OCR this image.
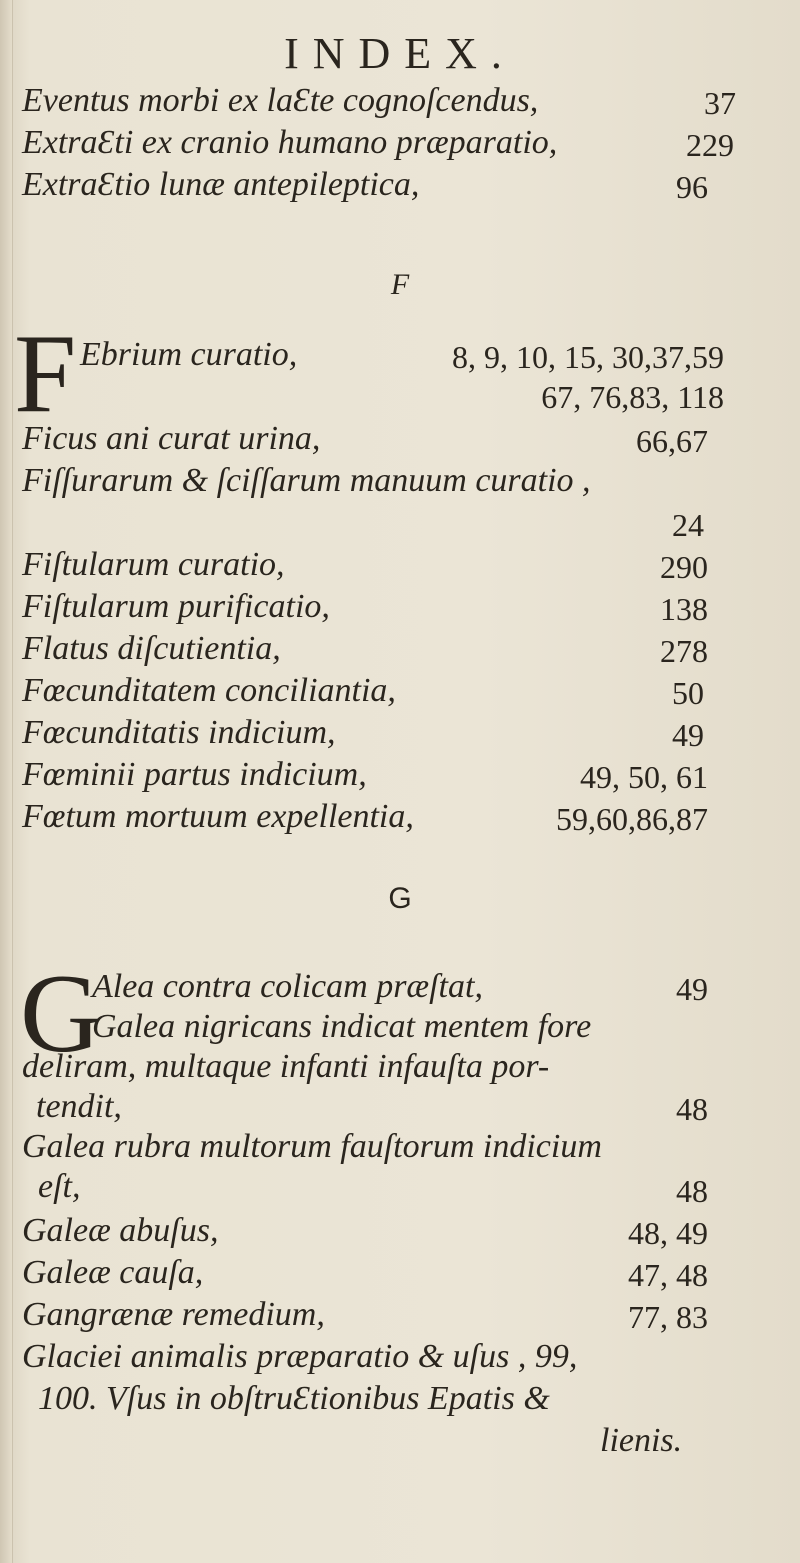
INDEX.
Eventus morbi ex laƐte cognoſcendus,	37
ExtraƐti ex cranio humano præparatio,	229
ExtraƐtio lunæ antepileptica,	96
F
F Ebrium curatio,	8, 9, 10, 15, 30,37,59
67, 76,83, 118
Ficus ani curat urina,	66,67
Fiſſurarum & ſciſſarum manuum curatio ,
24
Fiſtularum curatio,	290
Fiſtularum purificatio,	138
Flatus diſcutientia,	278
Fœcunditatem conciliantia,	50
Fœcunditatis indicium,	49
Fœminii partus indicium,	49, 50, 61
Fœtum mortuum expellentia,	59,60,86,87
G
G
Alea contra colicam præſtat,	49
Galea nigricans indicat mentem fore
deliram, multaque infanti infauſta por-
tendit,	48
Galea rubra multorum fauſtorum indicium
eſt,	48
Galeæ abuſus,	48, 49
Galeæ cauſa,	47, 48
Gangrænæ remedium,	77, 83
Glaciei animalis præparatio & uſus , 99,
100. Vſus in obſtruƐtionibus Epatis &
lienis.
